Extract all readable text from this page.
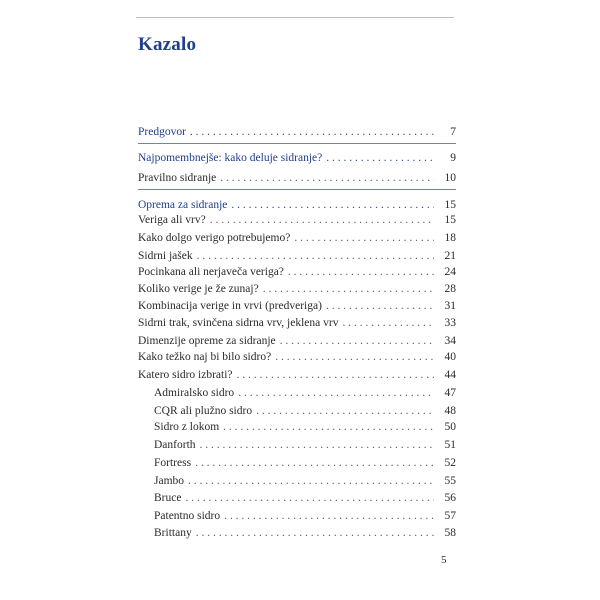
Kazalo
Predgovor . . .	7
Najpomembnejše: kako deluje sidranje? . . .	9
Pravilno sidranje . . .	10
Oprema za sidranje . . .	15
Veriga ali vrv? . . .	15
Kako dolgo verigo potrebujemo? . . .	18
Sidrni jašek . . .	21
Pocinkana ali nerjaveča veriga? . . .	24
Koliko verige je že zunaj? . . .	28
Kombinacija verige in vrvi (predveriga) . . .	31
Sidrni trak, svinčena sidrna vrv, jeklena vrv . . .	33
Dimenzije opreme za sidranje . . .	34
Kako težko naj bi bilo sidro? . . .	40
Katero sidro izbrati? . . .	44
Admiralsko sidro . . .	47
CQR ali plužno sidro . . .	48
Sidro z lokom . . .	50
Danforth . . .	51
Fortress . . .	52
Jambo . . .	55
Bruce . . .	56
Patentno sidro . . .	57
Brittany . . .	58
5
